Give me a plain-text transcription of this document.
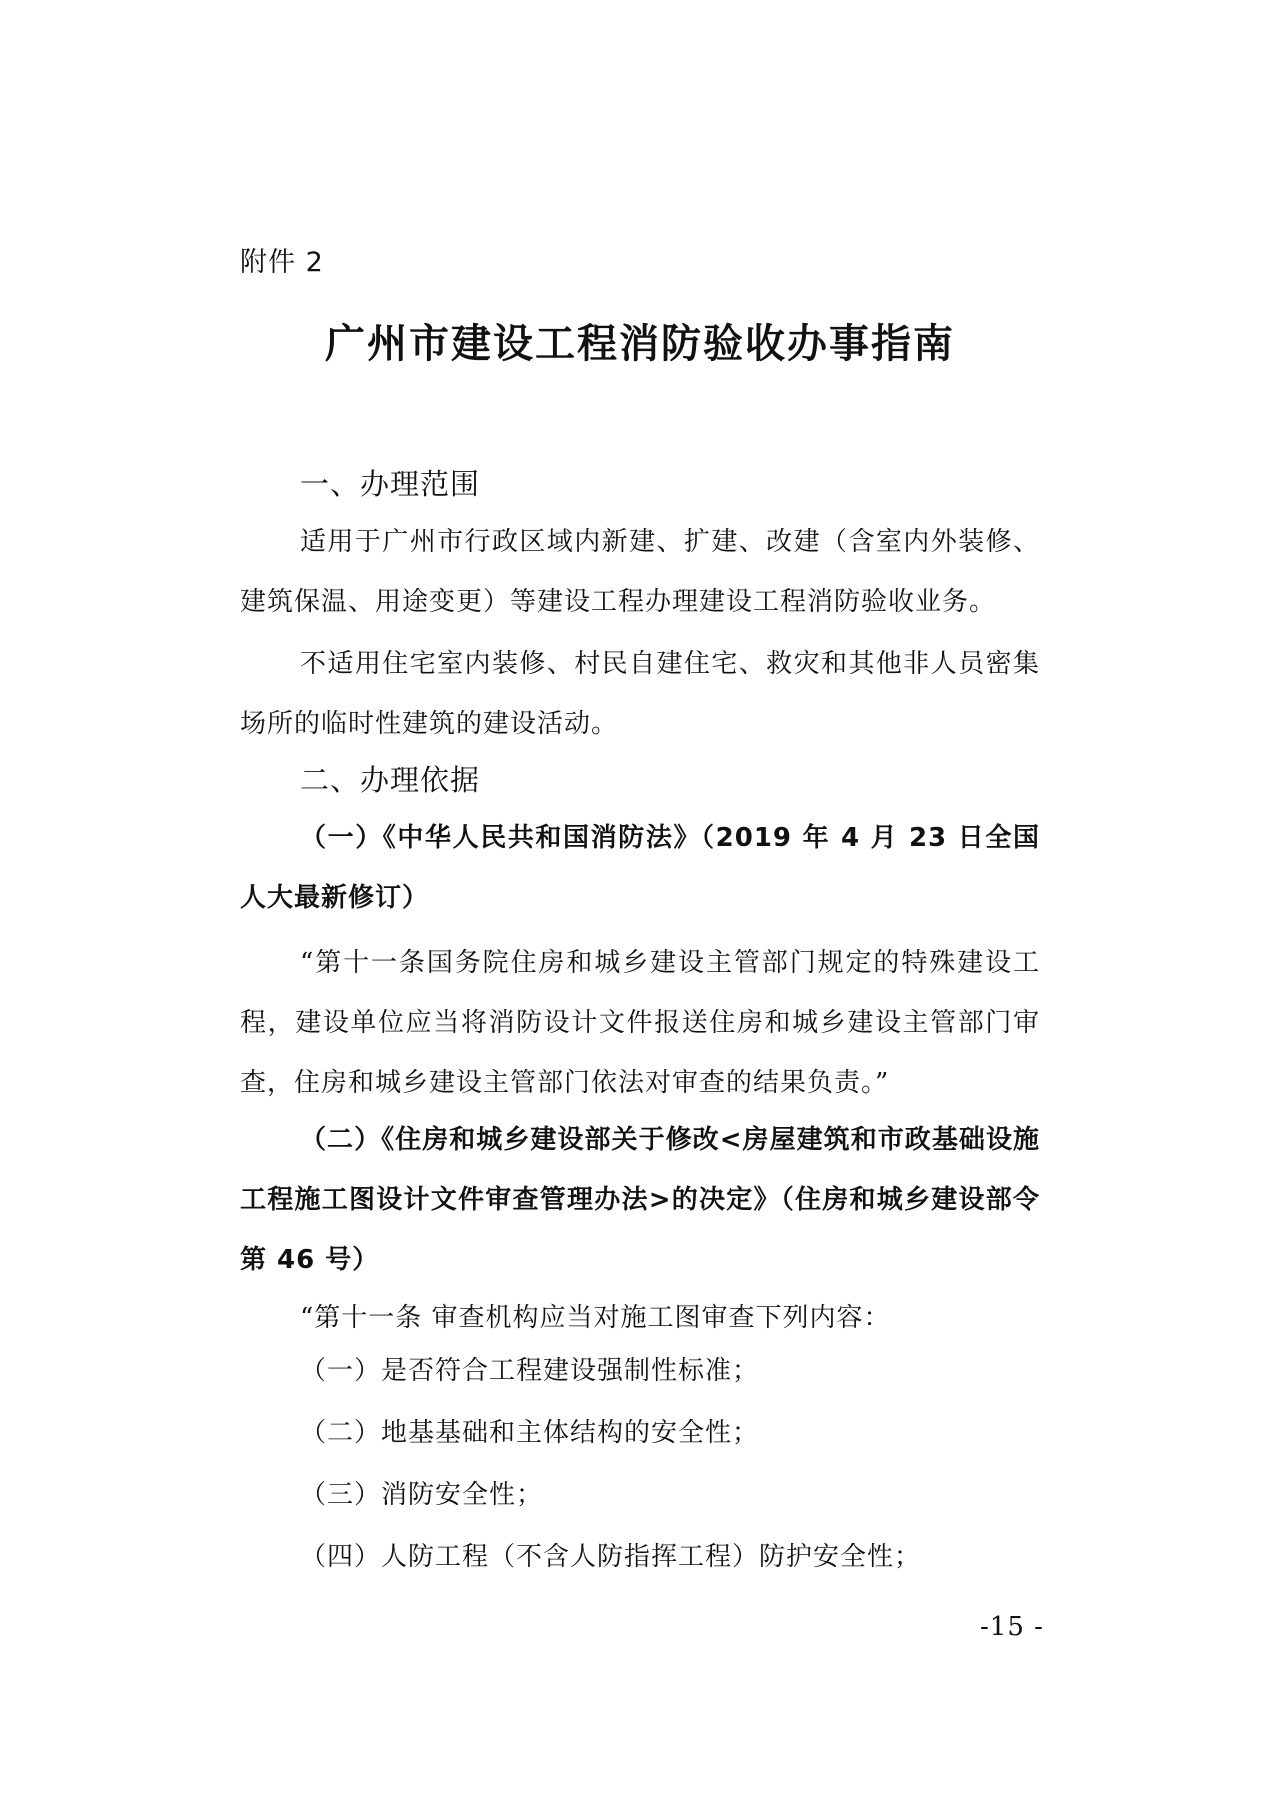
附件 2
广州市建设工程消防验收办事指南
一、办理范围

适用于广州市行政区域内新建、扩建、改建（含室内外装修、建筑保温、用途变更）等建设工程办理建设工程消防验收业务。

不适用住宅室内装修、村民自建住宅、救灾和其他非人员密集场所的临时性建筑的建设活动。

二、办理依据

（一）《中华人民共和国消防法》（2019 年 4 月 23 日全国人大最新修订）

“第十一条国务院住房和城乡建设主管部门规定的特殊建设工程，建设单位应当将消防设计文件报送住房和城乡建设主管部门审查，住房和城乡建设主管部门依法对审查的结果负责。”

（二）《住房和城乡建设部关于修改<房屋建筑和市政基础设施工程施工图设计文件审查管理办法>的决定》（住房和城乡建设部令第 46 号）

“第十一条 审查机构应当对施工图审查下列内容：

（一）是否符合工程建设强制性标准；
（二）地基基础和主体结构的安全性；
（三）消防安全性；
（四）人防工程（不含人防指挥工程）防护安全性；
-15 -
